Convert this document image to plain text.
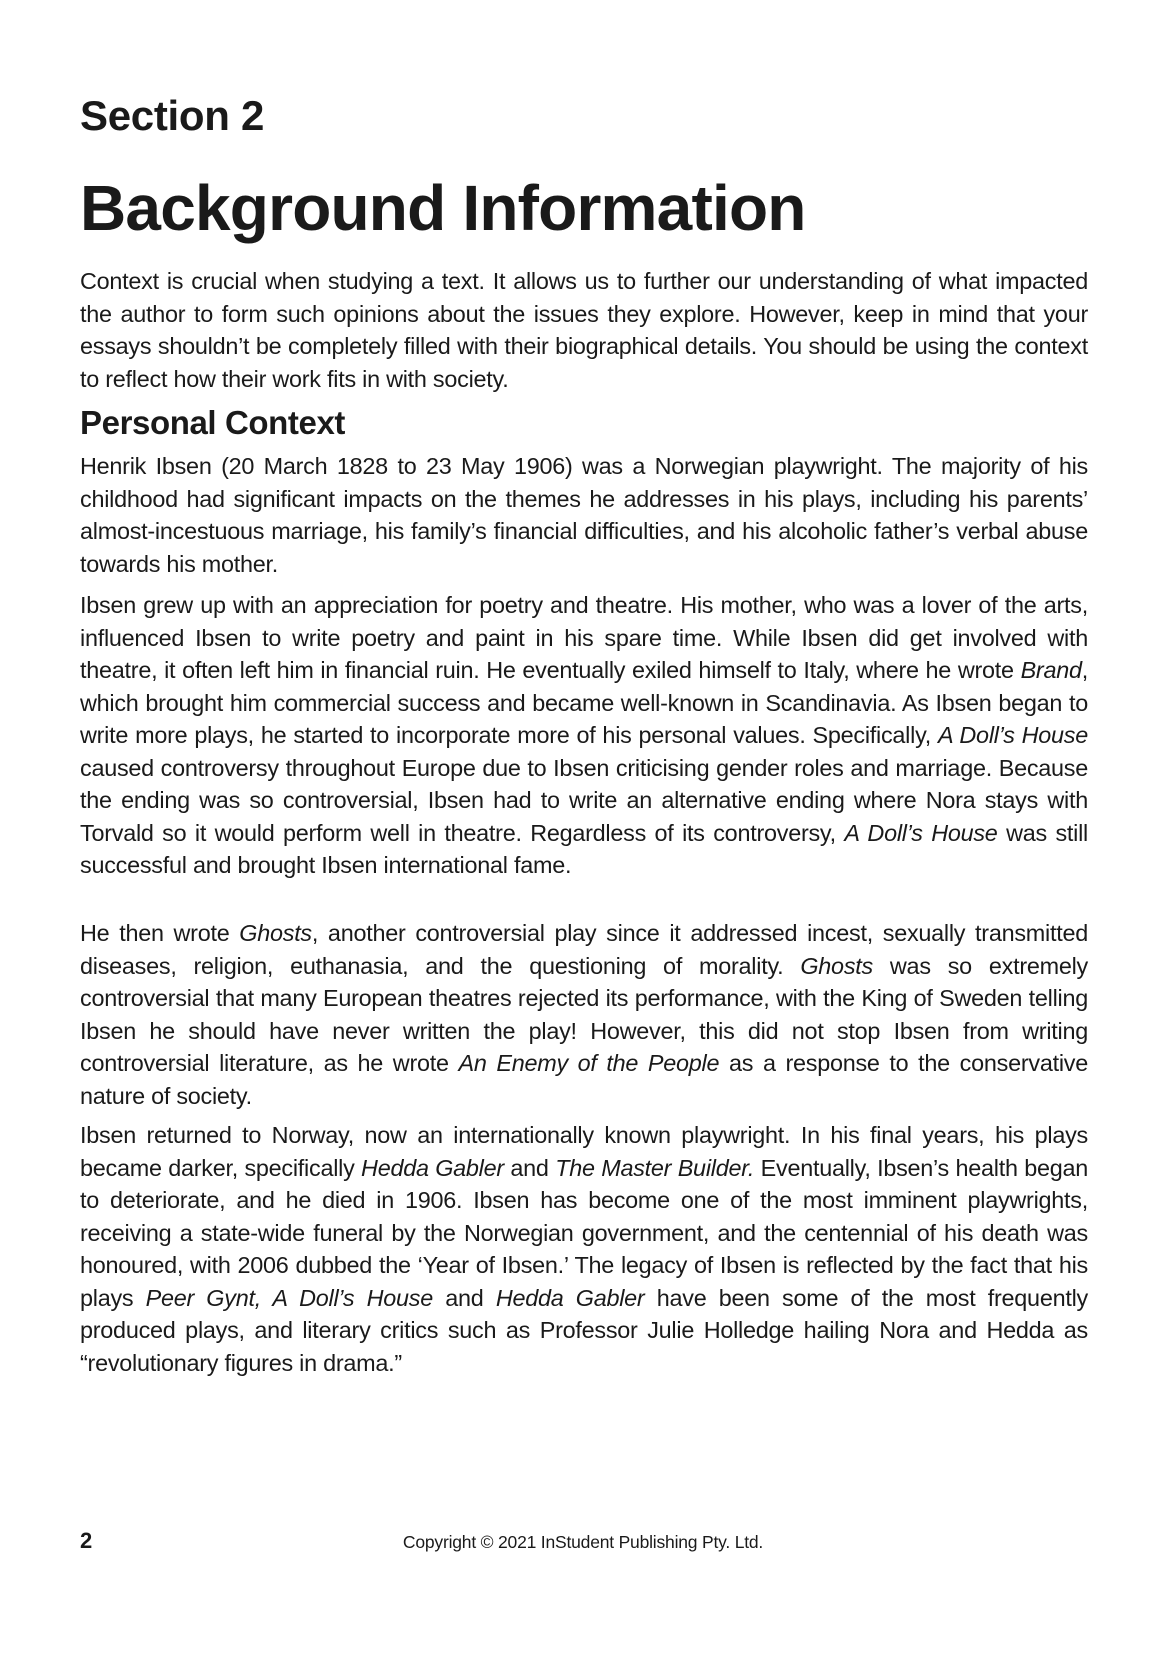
Section 2
Background Information

Context is crucial when studying a text. It allows us to further our understanding of what impacted the author to form such opinions about the issues they explore. However, keep in mind that your essays shouldn’t be completely filled with their biographical details. You should be using the context to reflect how their work fits in with society.

Personal Context

Henrik Ibsen (20 March 1828 to 23 May 1906) was a Norwegian playwright. The majority of his childhood had significant impacts on the themes he addresses in his plays, including his parents’ almost-incestuous marriage, his family’s financial difficulties, and his alcoholic father’s verbal abuse towards his mother.

Ibsen grew up with an appreciation for poetry and theatre. His mother, who was a lover of the arts, influenced Ibsen to write poetry and paint in his spare time. While Ibsen did get involved with theatre, it often left him in financial ruin. He eventually exiled himself to Italy, where he wrote Brand, which brought him commercial success and became well-known in Scandinavia. As Ibsen began to write more plays, he started to incorporate more of his personal values. Specifically, A Doll’s House caused controversy throughout Europe due to Ibsen criticising gender roles and marriage. Because the ending was so controversial, Ibsen had to write an alternative ending where Nora stays with Torvald so it would perform well in theatre. Regardless of its controversy, A Doll’s House was still successful and brought Ibsen international fame.

He then wrote Ghosts, another controversial play since it addressed incest, sexually transmitted diseases, religion, euthanasia, and the questioning of morality. Ghosts was so extremely controversial that many European theatres rejected its performance, with the King of Sweden telling Ibsen he should have never written the play! However, this did not stop Ibsen from writing controversial literature, as he wrote An Enemy of the People as a response to the conservative nature of society.

Ibsen returned to Norway, now an internationally known playwright. In his final years, his plays became darker, specifically Hedda Gabler and The Master Builder. Eventually, Ibsen’s health began to deteriorate, and he died in 1906. Ibsen has become one of the most imminent playwrights, receiving a state-wide funeral by the Norwegian government, and the centennial of his death was honoured, with 2006 dubbed the ‘Year of Ibsen.’ The legacy of Ibsen is reflected by the fact that his plays Peer Gynt, A Doll’s House and Hedda Gabler have been some of the most frequently produced plays, and literary critics such as Professor Julie Holledge hailing Nora and Hedda as “revolutionary figures in drama.”

2	Copyright © 2021 InStudent Publishing Pty. Ltd.
